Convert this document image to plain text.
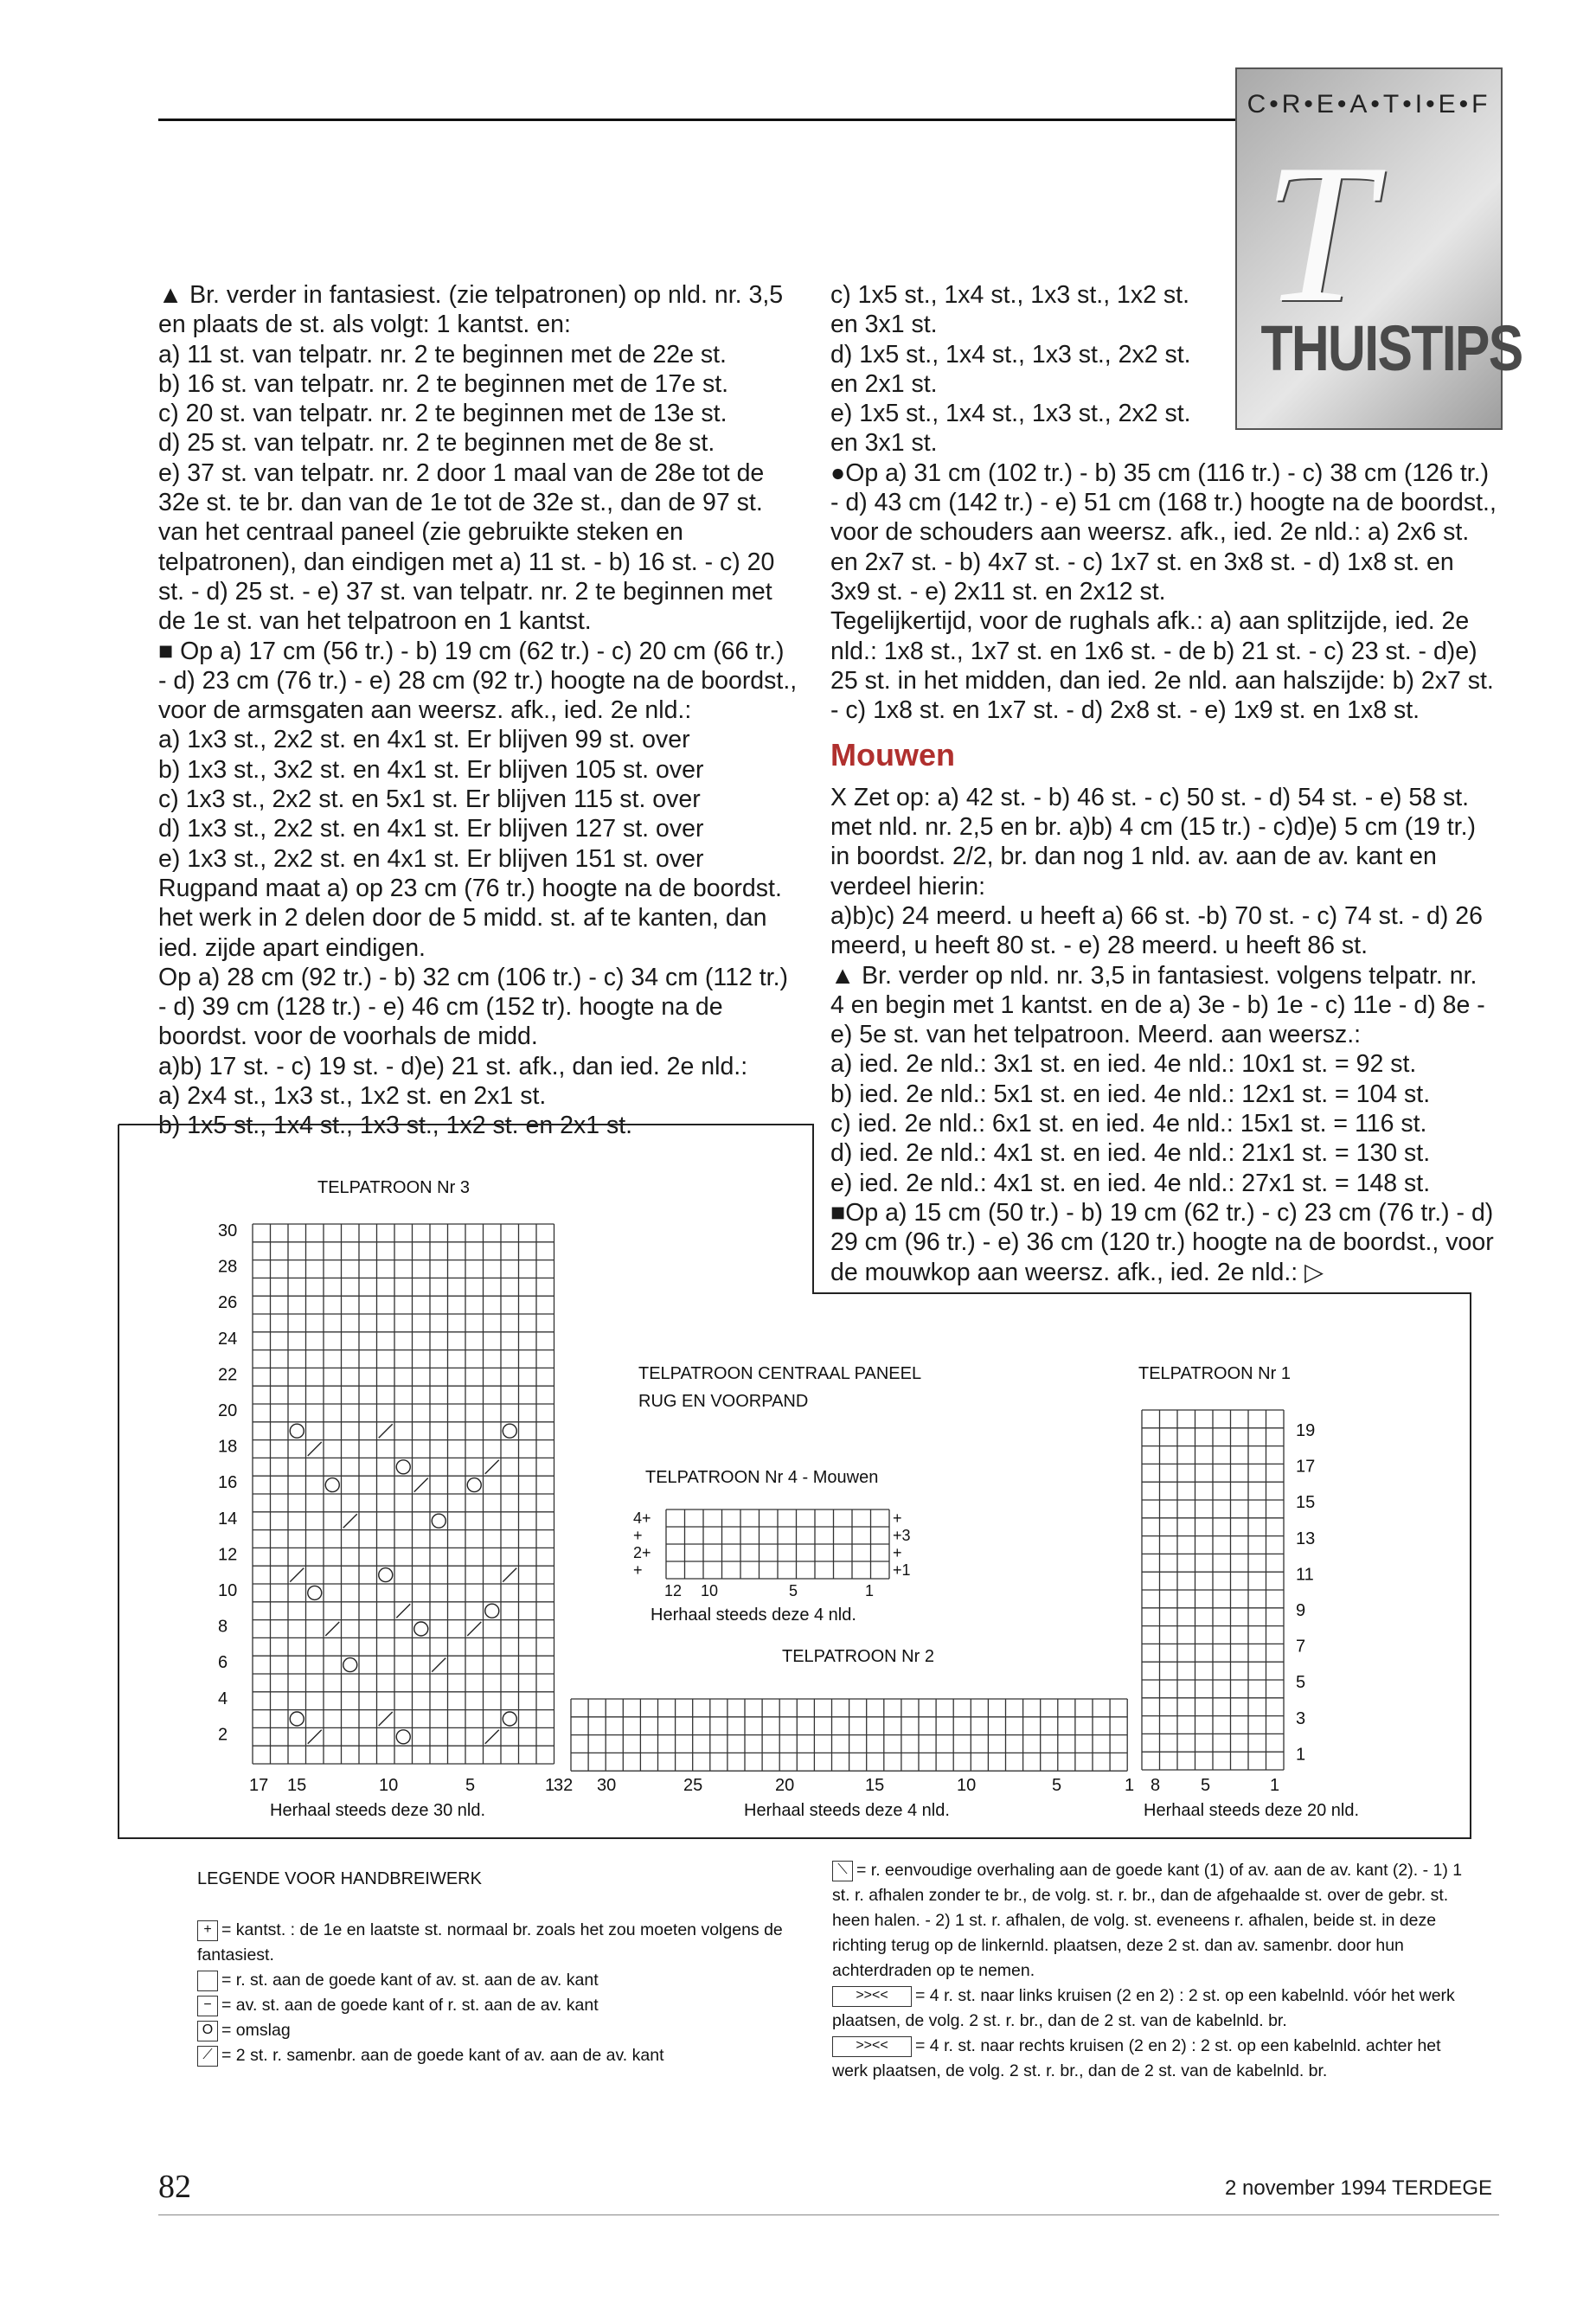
C•R•E•A•T•I•E•F
T
THUISTIPS

▲ Br. verder in fantasiest. (zie telpatronen) op nld. nr. 3,5 en plaats de st. als volgt: 1 kantst. en:

a) 11 st. van telpatr. nr. 2 te beginnen met de 22e st.

b) 16 st. van telpatr. nr. 2 te beginnen met de 17e st.

c) 20 st. van telpatr. nr. 2 te beginnen met de 13e st.

d) 25 st. van telpatr. nr. 2 te beginnen met de 8e st.

e) 37 st. van telpatr. nr. 2 door 1 maal van de 28e tot de 32e st. te br. dan van de 1e tot de 32e st., dan de 97 st. van het centraal paneel (zie gebruikte steken en telpatronen), dan eindigen met a) 11 st. - b) 16 st. - c) 20 st. - d) 25 st. - e) 37 st. van telpatr. nr. 2 te beginnen met de 1e st. van het telpatroon en 1 kantst.

■ Op a) 17 cm (56 tr.) - b) 19 cm (62 tr.) - c) 20 cm (66 tr.) - d) 23 cm (76 tr.) - e) 28 cm (92 tr.) hoogte na de boordst., voor de armsgaten aan weersz. afk., ied. 2e nld.:

a) 1x3 st., 2x2 st. en 4x1 st. Er blijven 99 st. over

b) 1x3 st., 3x2 st. en 4x1 st. Er blijven 105 st. over

c) 1x3 st., 2x2 st. en 5x1 st. Er blijven 115 st. over

d) 1x3 st., 2x2 st. en 4x1 st. Er blijven 127 st. over

e) 1x3 st., 2x2 st. en 4x1 st. Er blijven 151 st. over

Rugpand maat a) op 23 cm (76 tr.) hoogte na de boordst. het werk in 2 delen door de 5 midd. st. af te kanten, dan ied. zijde apart eindigen.

Op a) 28 cm (92 tr.) - b) 32 cm (106 tr.) - c) 34 cm (112 tr.) - d) 39 cm (128 tr.) - e) 46 cm (152 tr). hoogte na de boordst. voor de voorhals de midd.

a)b) 17 st. - c) 19 st. - d)e) 21 st. afk., dan ied. 2e nld.:

a) 2x4 st., 1x3 st., 1x2 st. en 2x1 st.

b) 1x5 st., 1x4 st., 1x3 st., 1x2 st. en 2x1 st.

c) 1x5 st., 1x4 st., 1x3 st., 1x2 st. en 3x1 st.

d) 1x5 st., 1x4 st., 1x3 st., 2x2 st. en 2x1 st.

e) 1x5 st., 1x4 st., 1x3 st., 2x2 st. en 3x1 st.

●Op a) 31 cm (102 tr.) - b) 35 cm (116 tr.) - c) 38 cm (126 tr.) - d) 43 cm (142 tr.) - e) 51 cm (168 tr.) hoogte na de boordst., voor de schouders aan weersz. afk., ied. 2e nld.: a) 2x6 st. en 2x7 st. - b) 4x7 st. - c) 1x7 st. en 3x8 st. - d) 1x8 st. en 3x9 st. - e) 2x11 st. en 2x12 st.

Tegelijkertijd, voor de rughals afk.: a) aan splitzijde, ied. 2e nld.: 1x8 st., 1x7 st. en 1x6 st. - de b) 21 st. - c) 23 st. - d)e) 25 st. in het midden, dan ied. 2e nld. aan halszijde: b) 2x7 st. - c) 1x8 st. en 1x7 st. - d) 2x8 st. - e) 1x9 st. en 1x8 st.

Mouwen

X Zet op: a) 42 st. - b) 46 st. - c) 50 st. - d) 54 st. - e) 58 st. met nld. nr. 2,5 en br. a)b) 4 cm (15 tr.) - c)d)e) 5 cm (19 tr.) in boordst. 2/2, br. dan nog 1 nld. av. aan de av. kant en verdeel hierin:

a)b)c) 24 meerd. u heeft a) 66 st. -b) 70 st. - c) 74 st. - d) 26 meerd, u heeft 80 st. - e) 28 meerd. u heeft 86 st.

▲ Br. verder op nld. nr. 3,5 in fantasiest. volgens telpatr. nr. 4 en begin met 1 kantst. en de a) 3e - b) 1e - c) 11e - d) 8e - e) 5e st. van het telpatroon. Meerd. aan weersz.:

a) ied. 2e nld.: 3x1 st. en ied. 4e nld.: 10x1 st. = 92 st.

b) ied. 2e nld.: 5x1 st. en ied. 4e nld.: 12x1 st. = 104 st.

c) ied. 2e nld.: 6x1 st. en ied. 4e nld.: 15x1 st. = 116 st.

d) ied. 2e nld.: 4x1 st. en ied. 4e nld.: 21x1 st. = 130 st.

e) ied. 2e nld.: 4x1 st. en ied. 4e nld.: 27x1 st. = 148 st.

■Op a) 15 cm (50 tr.) - b) 19 cm (62 tr.) - c) 23 cm (76 tr.) - d) 29 cm (96 tr.) - e) 36 cm (120 tr.) hoogte na de boordst., voor de mouwkop aan weersz. afk., ied. 2e nld.: ▷

30
28
26
24
22
20
18
16
14
12
10
8
6
4
2
19
17
15
13
11
9
7
5
3
1
4+
+
2+
+
+
+3
+
+1
12 10	5	1
17 15	10	5	1
32 30	25	20	15	10	5	1 8 5	1
TELPATROON Nr 3
TELPATROON CENTRAAL PANEEL
RUG EN VOORPAND
TELPATROON Nr 4 - Mouwen
Herhaal steeds deze 4 nld.
TELPATROON Nr 2
TELPATROON Nr 1
Herhaal steeds deze 30 nld.	Herhaal steeds deze 4 nld.	Herhaal steeds deze 20 nld.

LEGENDE VOOR HANDBREIWERK

+ = kantst. : de 1e en laatste st. normaal br. zoals het zou moeten volgens de fantasiest.

= r. st. aan de goede kant of av. st. aan de av. kant

− = av. st. aan de goede kant of r. st. aan de av. kant

O = omslag

⟋ = 2 st. r. samenbr. aan de goede kant of av. aan de av. kant

⟍ = r. eenvoudige overhaling aan de goede kant (1) of av. aan de av. kant (2). - 1) 1 st. r. afhalen zonder te br., de volg. st. r. br., dan de afgehaalde st. over de gebr. st. heen halen. - 2) 1 st. r. afhalen, de volg. st. eveneens r. afhalen, beide st. in deze richting terug op de linkernld. plaatsen, deze 2 st. dan av. samenbr. door hun achterdraden op te nemen.

>><< = 4 r. st. naar links kruisen (2 en 2) : 2 st. op een kabelnld. vóór het werk plaatsen, de volg. 2 st. r. br., dan de 2 st. van de kabelnld. br.

>><< = 4 r. st. naar rechts kruisen (2 en 2) : 2 st. op een kabelnld. achter het werk plaatsen, de volg. 2 st. r. br., dan de 2 st. van de kabelnld. br.

82	2 november 1994 TERDEGE
